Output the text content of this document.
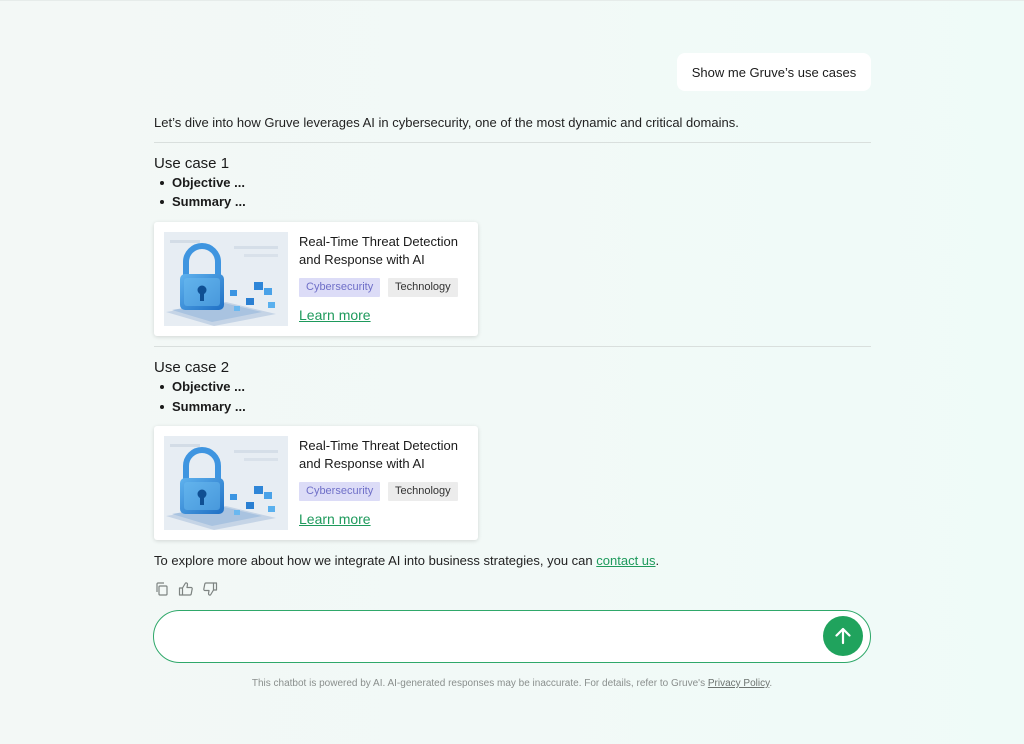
Show me Gruve’s use cases
Let’s dive into how Gruve leverages AI in cybersecurity, one of the most dynamic and critical domains.
Use case 1
Objective ...
Summary ...
Real-Time Threat Detection and Response with AI
Cybersecurity	Technology
Learn more
Use case 2
Objective ...
Summary ...
Real-Time Threat Detection and Response with AI
Cybersecurity	Technology
Learn more
To explore more about how we integrate AI into business strategies, you can contact us.
This chatbot is powered by AI. AI-generated responses may be inaccurate. For details, refer to Gruve's Privacy Policy.
